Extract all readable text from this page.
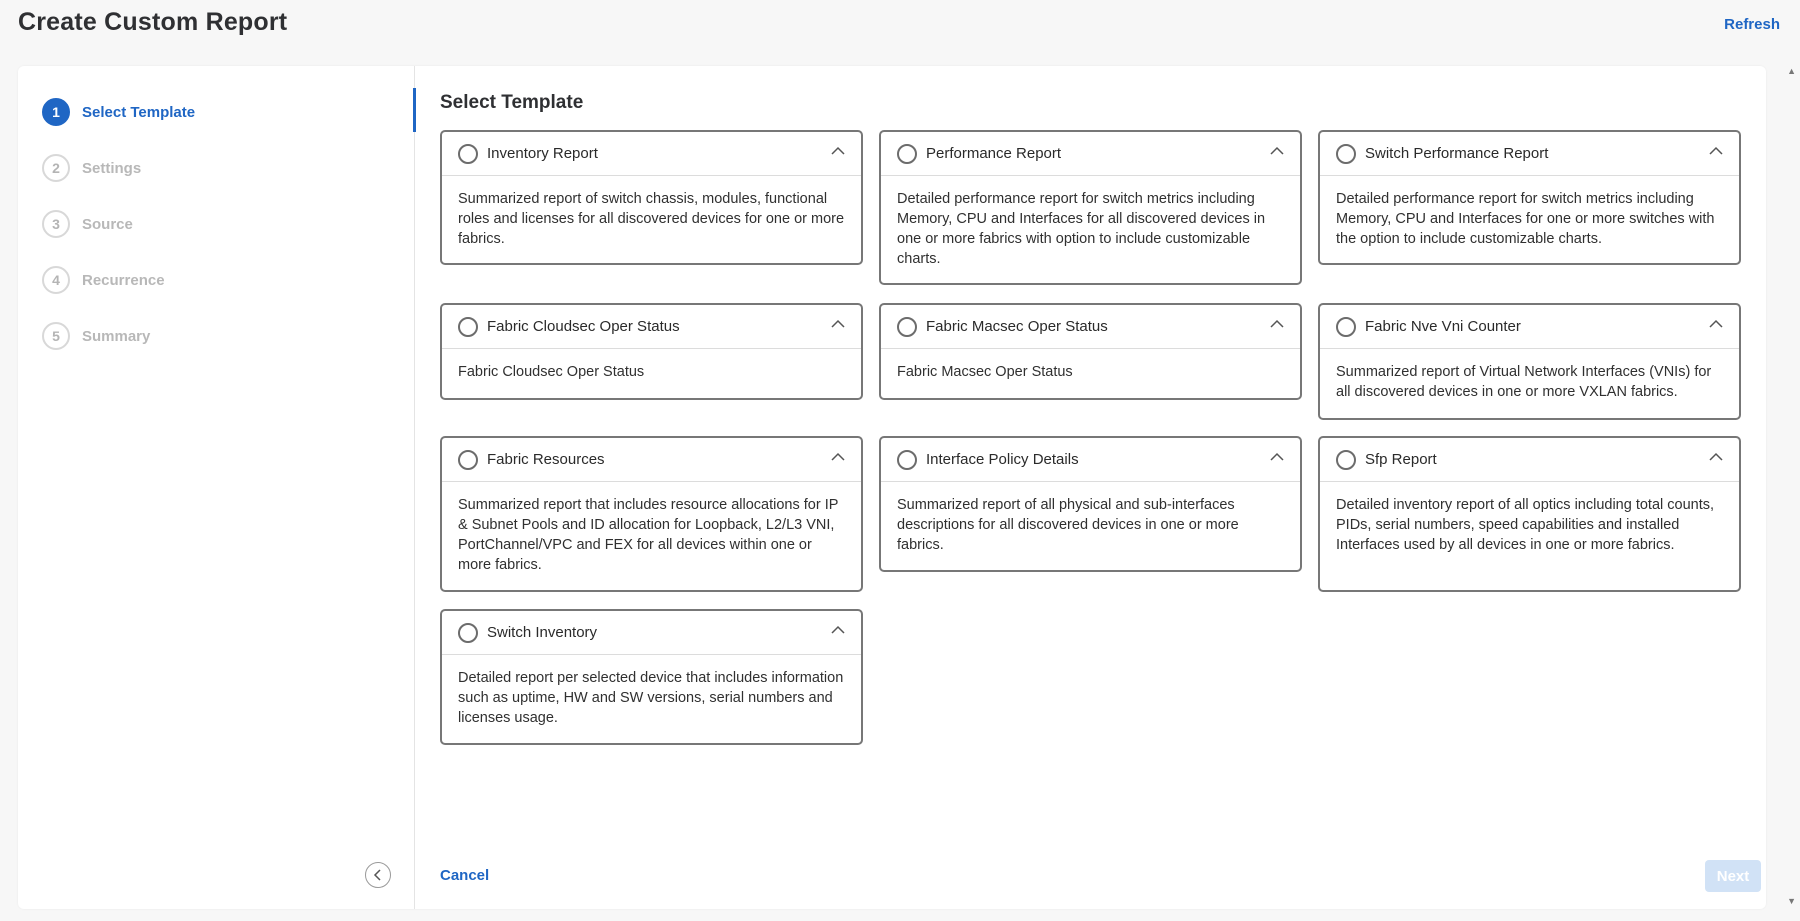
Create Custom Report	Refresh
▲
▼
1	Select Template
2	Settings
3	Source
4	Recurrence
5	Summary
Select Template
Inventory Report
Summarized report of switch chassis, modules, functional roles and licenses for all discovered devices for one or more fabrics.
Performance Report
Detailed performance report for switch metrics including Memory, CPU and Interfaces for all discovered devices in one or more fabrics with option to include customizable charts.
Switch Performance Report
Detailed performance report for switch metrics including Memory, CPU and Interfaces for one or more switches with the option to include customizable charts.
Fabric Cloudsec Oper Status
Fabric Cloudsec Oper Status
Fabric Macsec Oper Status
Fabric Macsec Oper Status
Fabric Nve Vni Counter
Summarized report of Virtual Network Interfaces (VNIs) for all discovered devices in one or more VXLAN fabrics.
Fabric Resources
Summarized report that includes resource allocations for IP & Subnet Pools and ID allocation for Loopback, L2/L3 VNI, PortChannel/VPC and FEX for all devices within one or more fabrics.
Interface Policy Details
Summarized report of all physical and sub-interfaces descriptions for all discovered devices in one or more fabrics.
Sfp Report
Detailed inventory report of all optics including total counts, PIDs, serial numbers, speed capabilities and installed Interfaces used by all devices in one or more fabrics.
Switch Inventory
Detailed report per selected device that includes information such as uptime, HW and SW versions, serial numbers and licenses usage.
Cancel	Next
